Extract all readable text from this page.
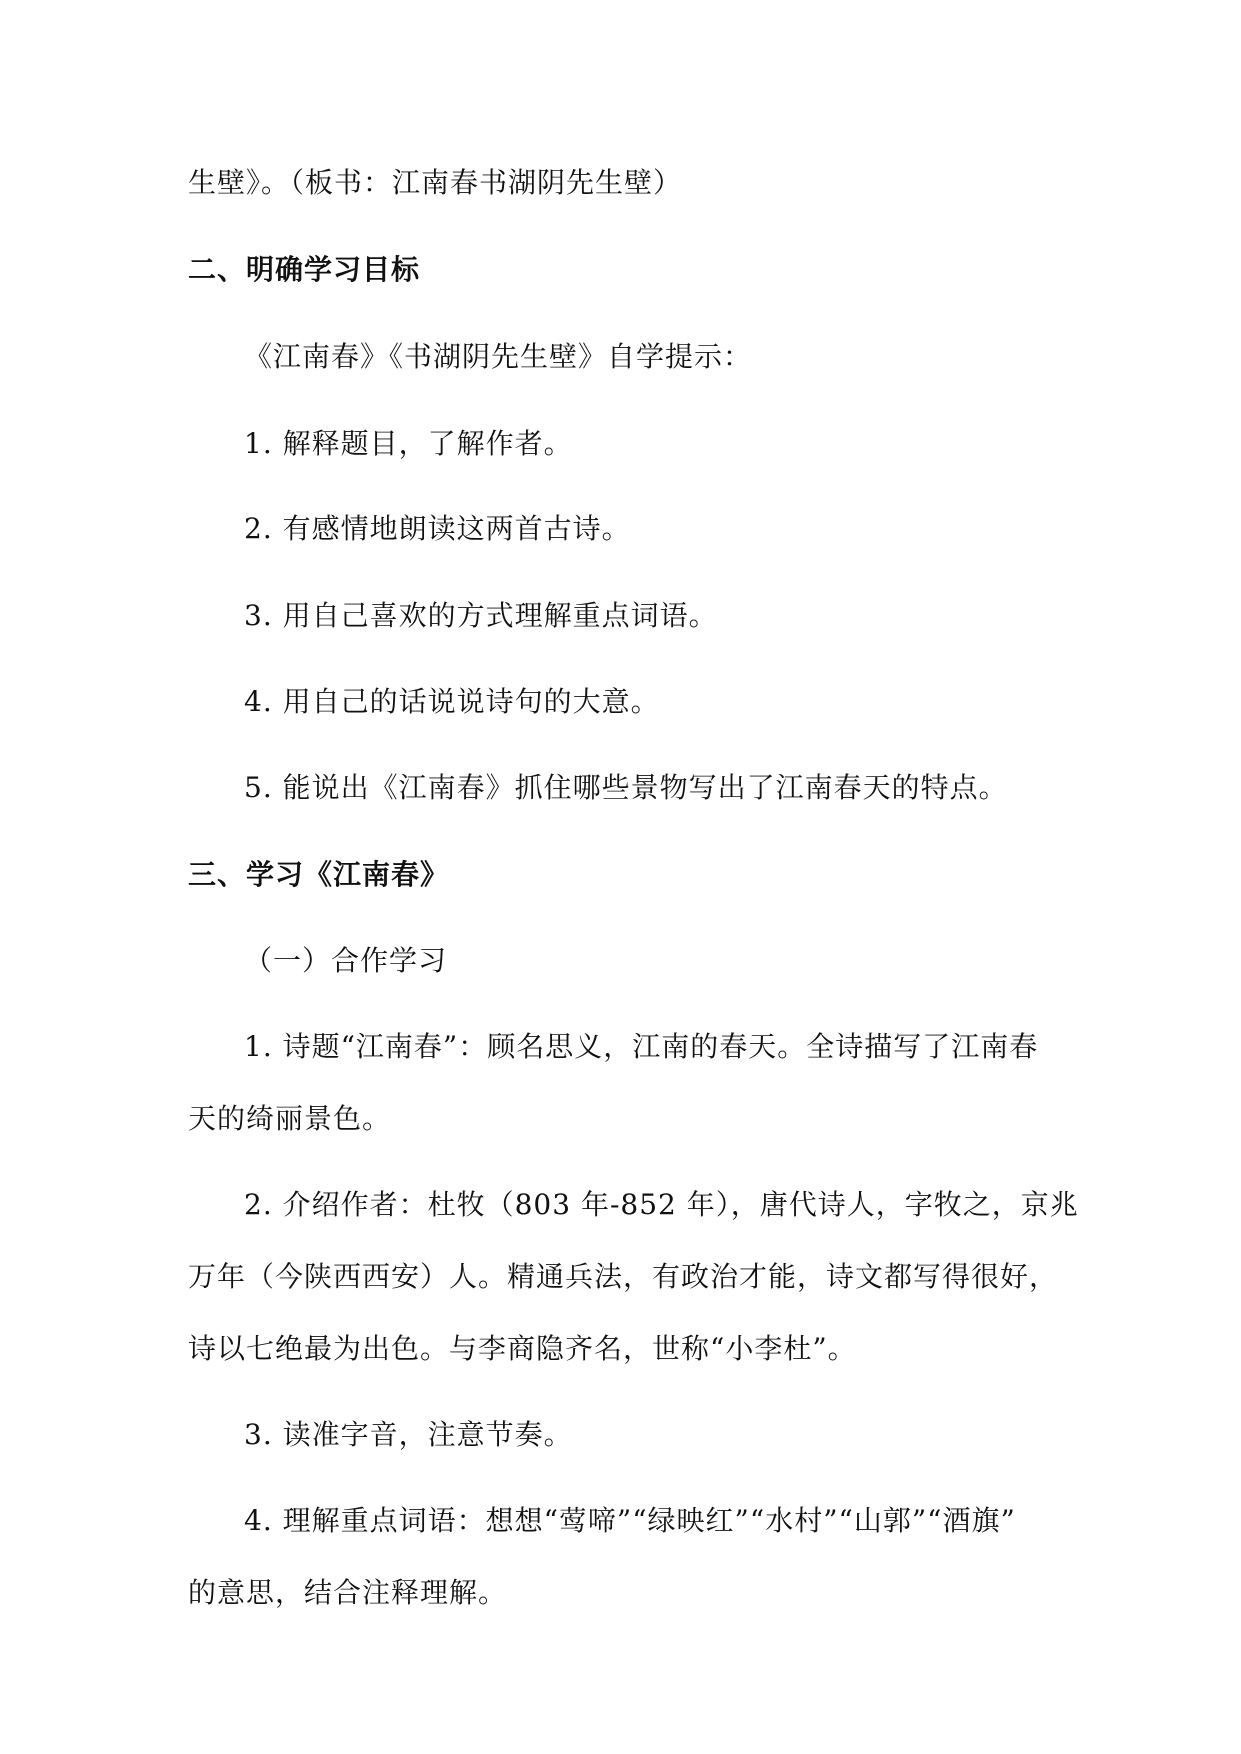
生壁》。（板书：江南春书湖阴先生壁）
二、明确学习目标
《江南春》《书湖阴先生壁》自学提示：
1. 解释题目，了解作者。
2. 有感情地朗读这两首古诗。
3. 用自己喜欢的方式理解重点词语。
4. 用自己的话说说诗句的大意。
5. 能说出《江南春》抓住哪些景物写出了江南春天的特点。
三、学习《江南春》
（一）合作学习
1. 诗题“江南春”：顾名思义，江南的春天。全诗描写了江南春
天的绮丽景色。
2. 介绍作者：杜牧（803 年-852 年），唐代诗人，字牧之，京兆
万年（今陕西西安）人。精通兵法，有政治才能，诗文都写得很好，
诗以七绝最为出色。与李商隐齐名，世称“小李杜”。
3. 读准字音，注意节奏。
4. 理解重点词语：想想“莺啼”“绿映红”“水村”“山郭”“酒旗”
的意思，结合注释理解。
